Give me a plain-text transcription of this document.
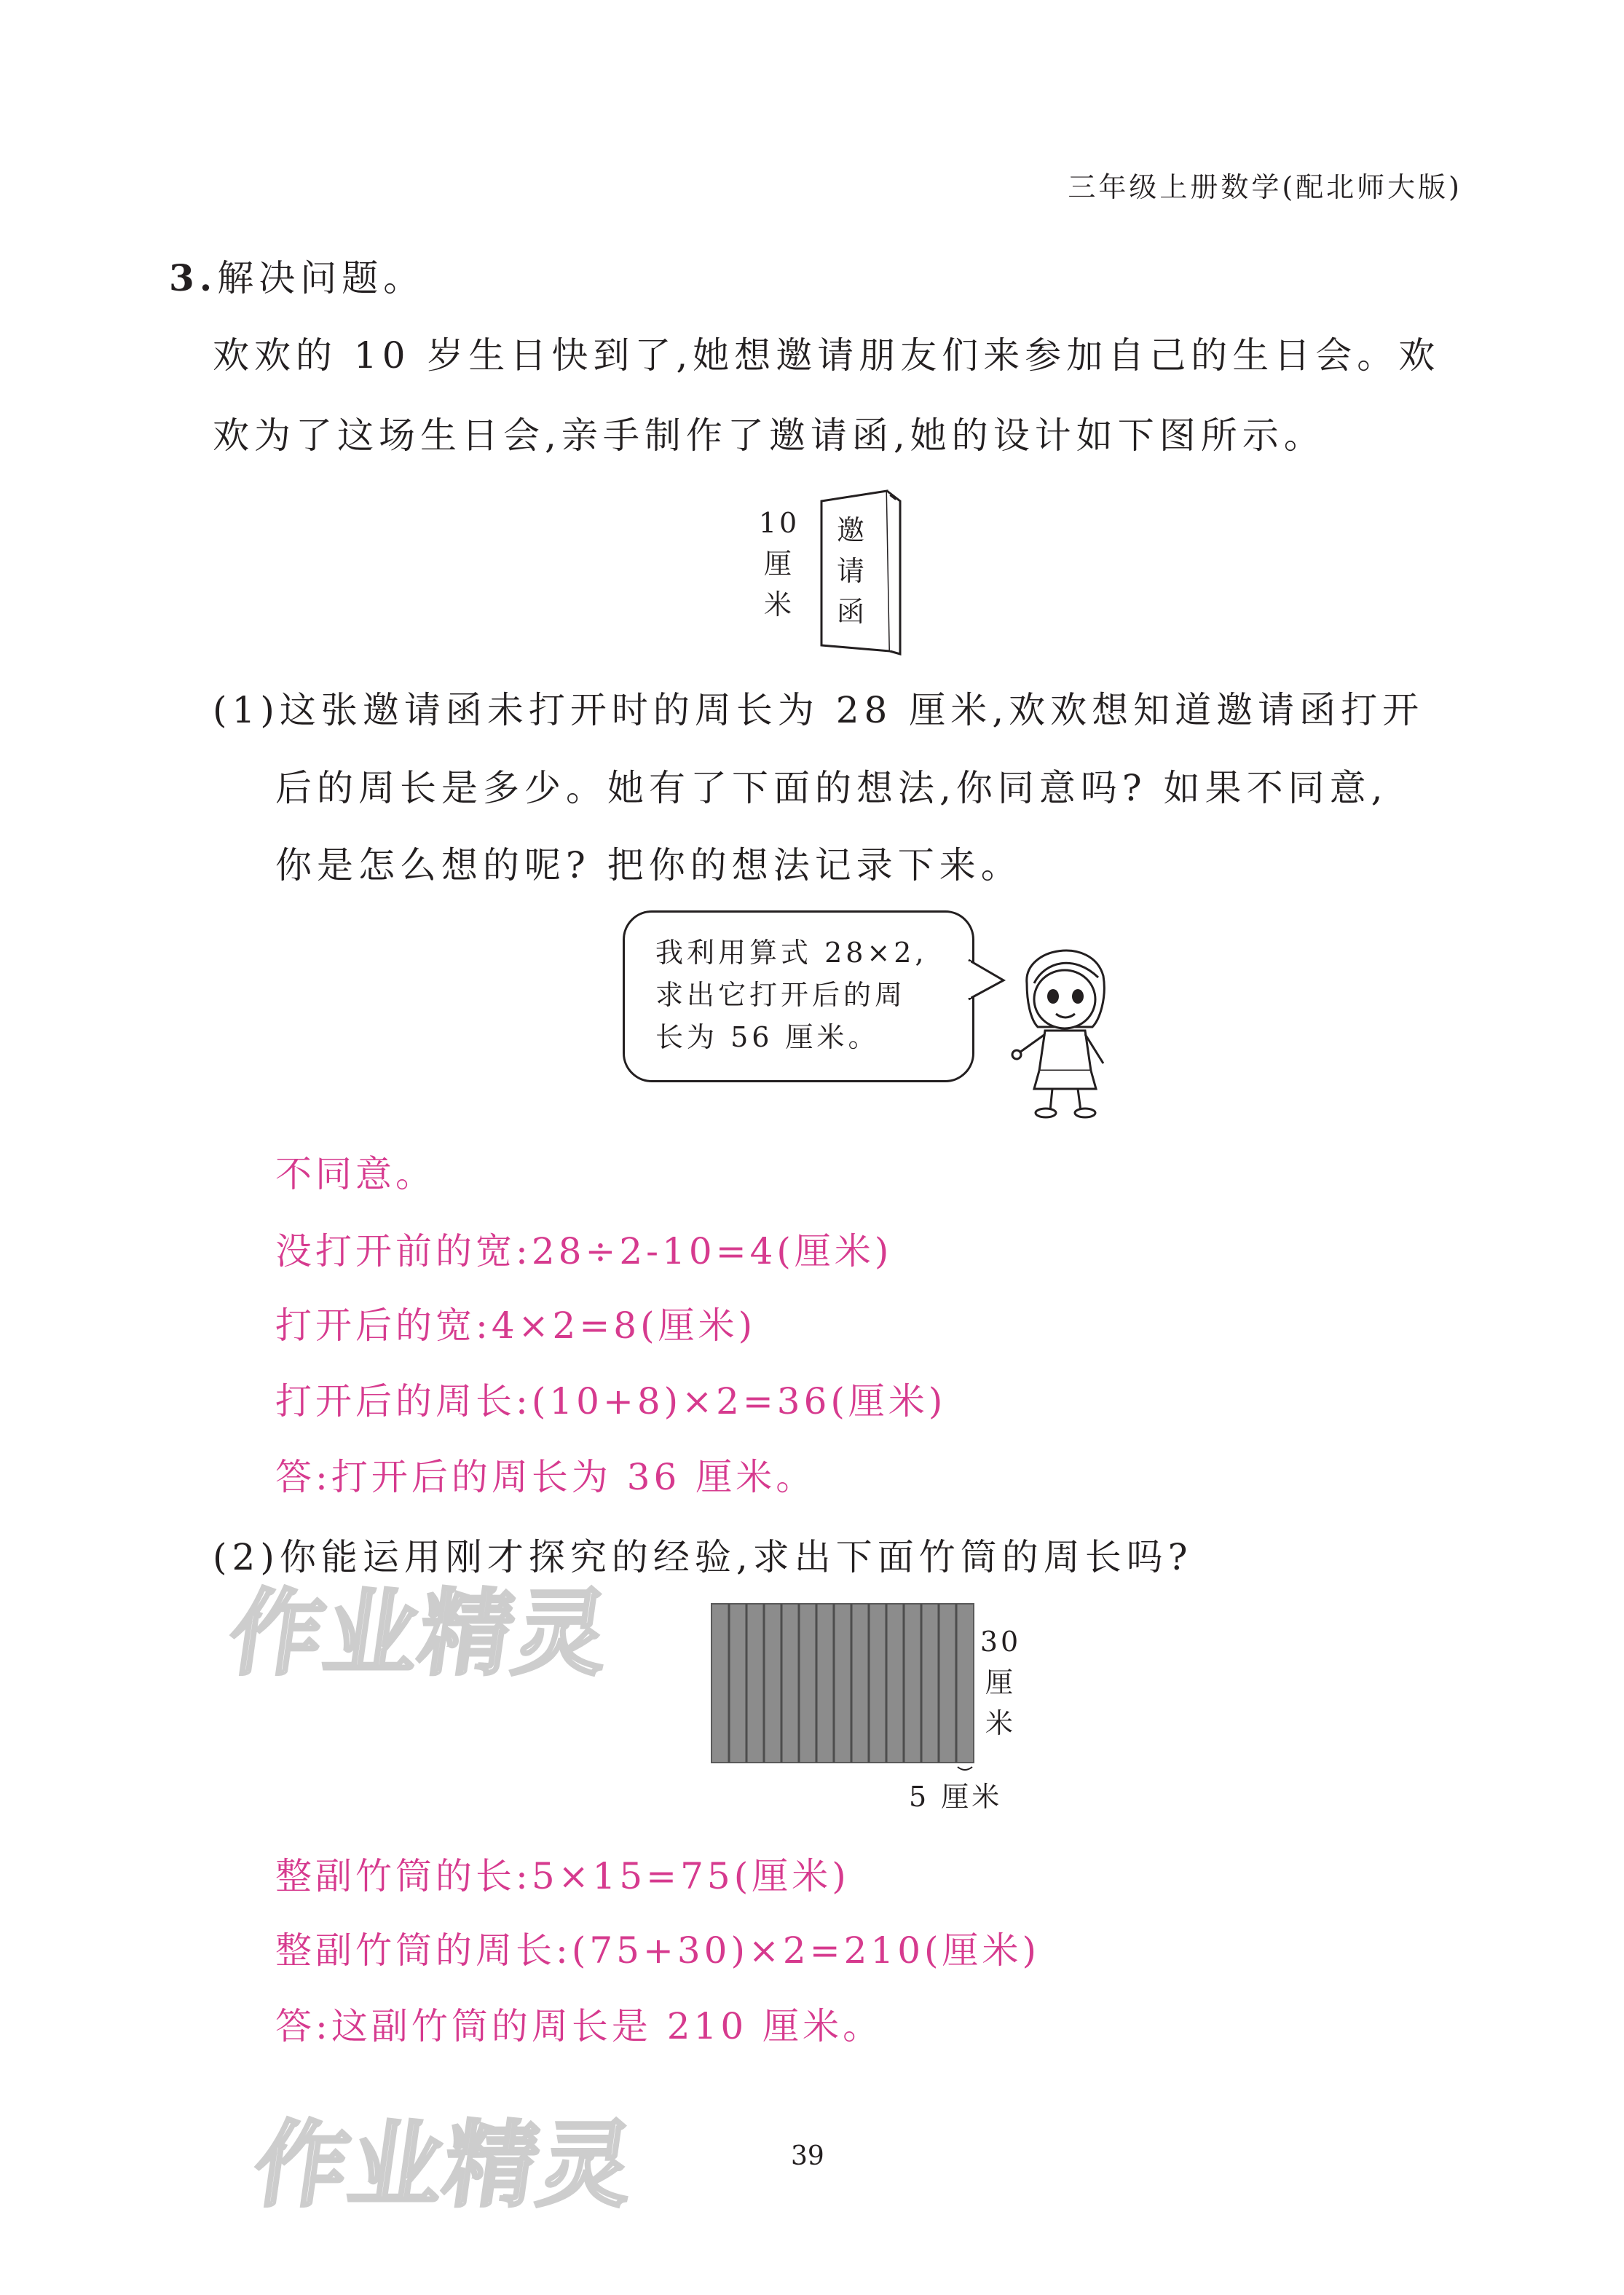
三年级上册数学(配北师大版)
3.解决问题。
欢欢的 10 岁生日快到了,她想邀请朋友们来参加自己的生日会。欢
欢为了这场生日会,亲手制作了邀请函,她的设计如下图所示。
10
厘
米
邀
请
函
(1)这张邀请函未打开时的周长为 28 厘米,欢欢想知道邀请函打开
后的周长是多少。她有了下面的想法,你同意吗? 如果不同意,
你是怎么想的呢? 把你的想法记录下来。
我利用算式 28×2,
求出它打开后的周
长为 56 厘米。
不同意。
没打开前的宽:28÷2-10=4(厘米)
打开后的宽:4×2=8(厘米)
打开后的周长:(10+8)×2=36(厘米)
答:打开后的周长为 36 厘米。
(2)你能运用刚才探究的经验,求出下面竹筒的周长吗?
作业精灵	30
厘
米
5 厘米
整副竹筒的长:5×15=75(厘米)
整副竹筒的周长:(75+30)×2=210(厘米)
答:这副竹筒的周长是 210 厘米。
作业精灵	39
